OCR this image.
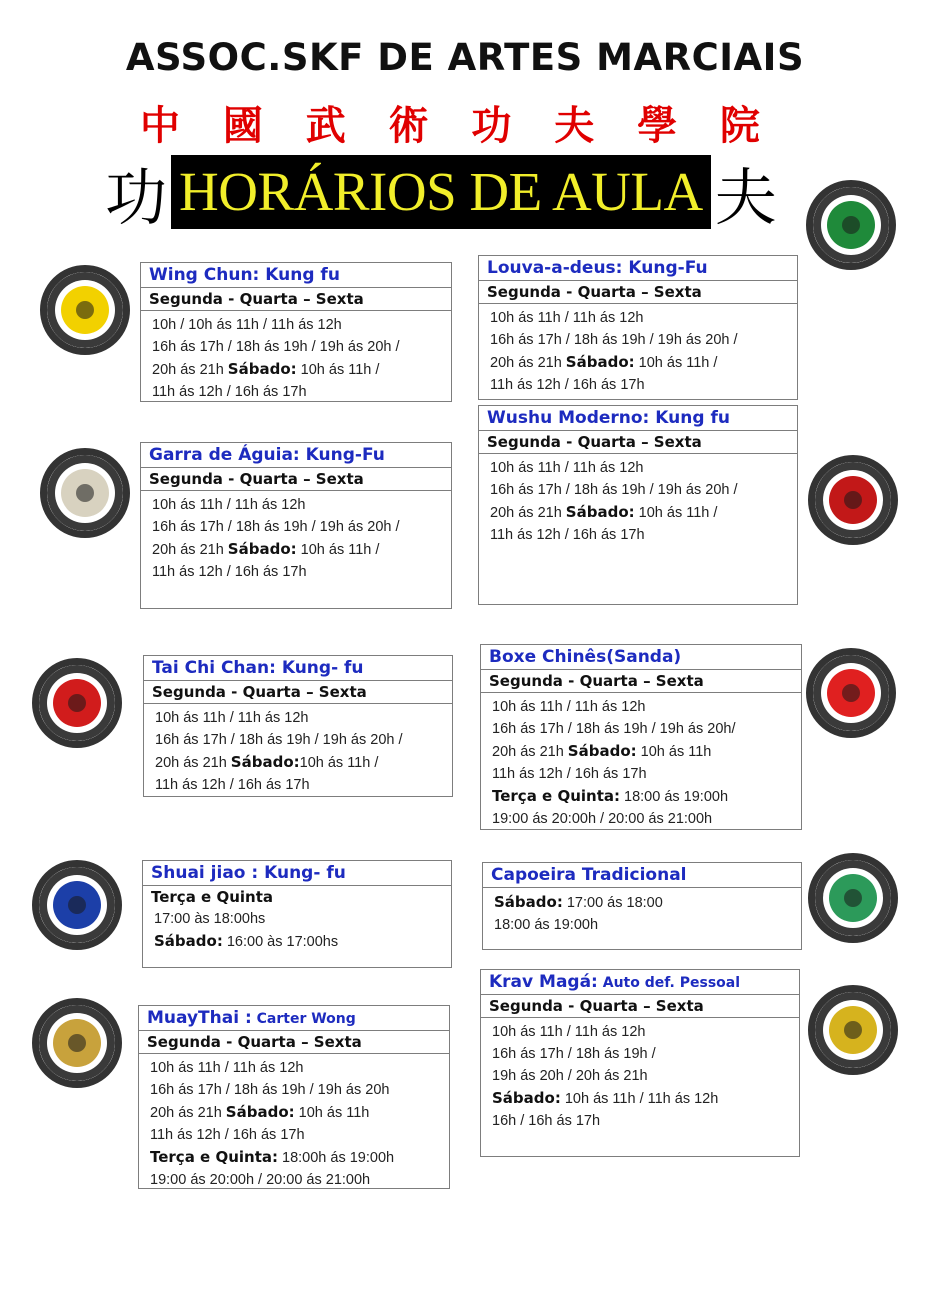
ASSOC.SKF DE ARTES MARCIAIS
中 國 武 術 功 夫 學 院
功 HORÁRIOS DE AULA 夫
Wing Chun: Kung fu
Segunda - Quarta – Sexta
10h / 10h ás 11h / 11h ás 12h
16h ás 17h / 18h ás 19h / 19h ás 20h /
20h ás 21h Sábado: 10h ás 11h /
11h ás 12h / 16h ás 17h
Louva-a-deus: Kung-Fu
Segunda - Quarta – Sexta
10h ás 11h / 11h ás 12h
16h ás 17h / 18h ás 19h / 19h ás 20h /
20h ás 21h Sábado: 10h ás 11h /
11h ás 12h / 16h ás 17h
Wushu Moderno: Kung fu
Segunda - Quarta – Sexta
10h ás 11h / 11h ás 12h
16h ás 17h / 18h ás 19h / 19h ás 20h /
20h ás 21h Sábado: 10h ás 11h /
11h ás 12h / 16h ás 17h
Garra de Águia: Kung-Fu
Segunda - Quarta – Sexta
10h ás 11h / 11h ás 12h
16h ás 17h / 18h ás 19h / 19h ás 20h /
20h ás 21h Sábado: 10h ás 11h /
11h ás 12h / 16h ás 17h
Tai Chi Chan: Kung- fu
Segunda - Quarta – Sexta
10h ás 11h / 11h ás 12h
16h ás 17h / 18h ás 19h / 19h ás 20h /
20h ás 21h Sábado:10h ás 11h /
11h ás 12h / 16h ás 17h
Boxe Chinês(Sanda)
Segunda - Quarta – Sexta
10h ás 11h / 11h ás 12h
16h ás 17h / 18h ás 19h / 19h ás 20h/
20h ás 21h Sábado: 10h ás 11h
11h ás 12h / 16h ás 17h
Terça e Quinta: 18:00 ás 19:00h
19:00 ás 20:00h / 20:00 ás 21:00h
Shuai jiao : Kung- fu
Terça e Quinta
17:00 às 18:00hs
Sábado: 16:00 às 17:00hs
Capoeira Tradicional
Sábado: 17:00 ás 18:00
18:00 ás 19:00h
Krav Magá: Auto def. Pessoal
Segunda - Quarta – Sexta
10h ás 11h / 11h ás 12h
16h ás 17h / 18h ás 19h /
19h ás 20h / 20h ás 21h
Sábado: 10h ás 11h / 11h ás 12h
16h / 16h ás 17h
MuayThai : Carter Wong
Segunda - Quarta – Sexta
10h ás 11h / 11h ás 12h
16h ás 17h / 18h ás 19h / 19h ás 20h
20h ás 21h Sábado: 10h ás 11h
11h ás 12h / 16h ás 17h
Terça e Quinta: 18:00h ás 19:00h
19:00 ás 20:00h / 20:00 ás 21:00h
